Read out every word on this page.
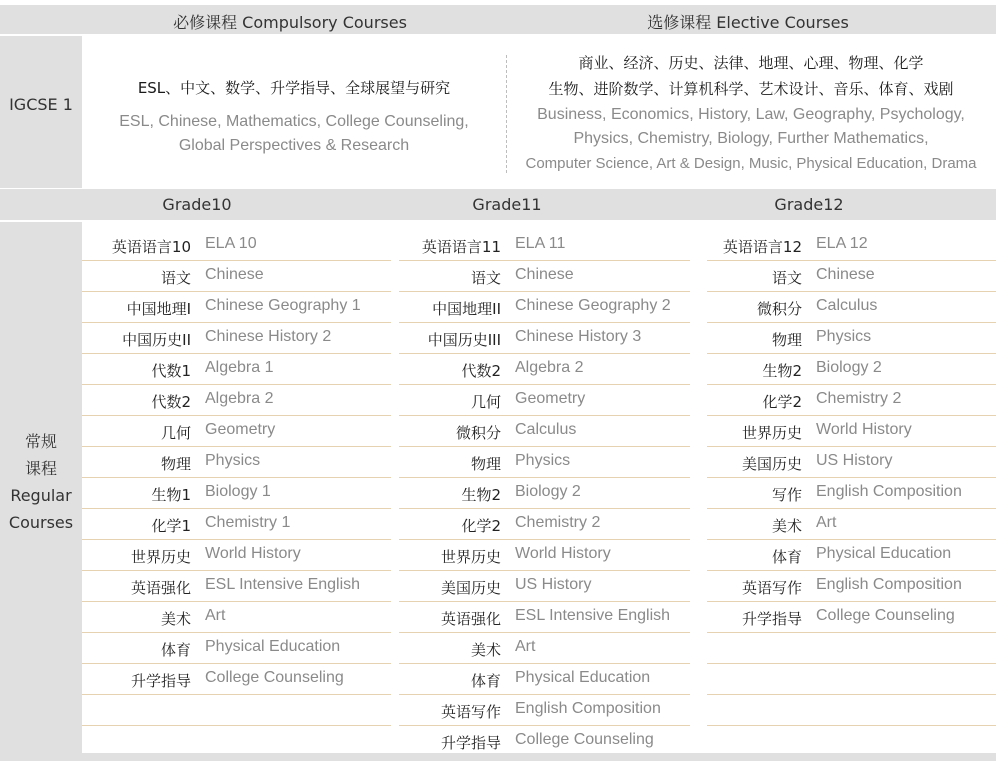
必修课程 Compulsory Courses	选修课程 Elective Courses
IGCSE 1
ESL、中文、数学、升学指导、全球展望与研究
ESL, Chinese, Mathematics, College Counseling,
Global Perspectives & Research
商业、经济、历史、法律、地理、心理、物理、化学
生物、进阶数学、计算机科学、艺术设计、音乐、体育、戏剧
Business, Economics, History, Law, Geography, Psychology,
Physics, Chemistry, Biology, Further Mathematics,
Computer Science, Art & Design, Music, Physical Education, Drama
Grade10	Grade11	Grade12
常规
课程
Regular
Courses
英语语言10 ELA 10
语文 Chinese
中国地理I Chinese Geography 1
中国历史II Chinese History 2
代数1 Algebra 1
代数2 Algebra 2
几何 Geometry
物理 Physics
生物1 Biology 1
化学1 Chemistry 1
世界历史 World History
英语强化 ESL Intensive English
美术 Art
体育 Physical Education
升学指导 College Counseling
英语语言11 ELA 11
语文 Chinese
中国地理II Chinese Geography 2
中国历史III Chinese History 3
代数2 Algebra 2
几何 Geometry
微积分 Calculus
物理 Physics
生物2 Biology 2
化学2 Chemistry 2
世界历史 World History
美国历史 US History
英语强化 ESL Intensive English
美术 Art
体育 Physical Education
英语写作 English Composition
升学指导 College Counseling
英语语言12 ELA 12
语文 Chinese
微积分 Calculus
物理 Physics
生物2 Biology 2
化学2 Chemistry 2
世界历史 World History
美国历史 US History
写作 English Composition
美术 Art
体育 Physical Education
英语写作 English Composition
升学指导 College Counseling
